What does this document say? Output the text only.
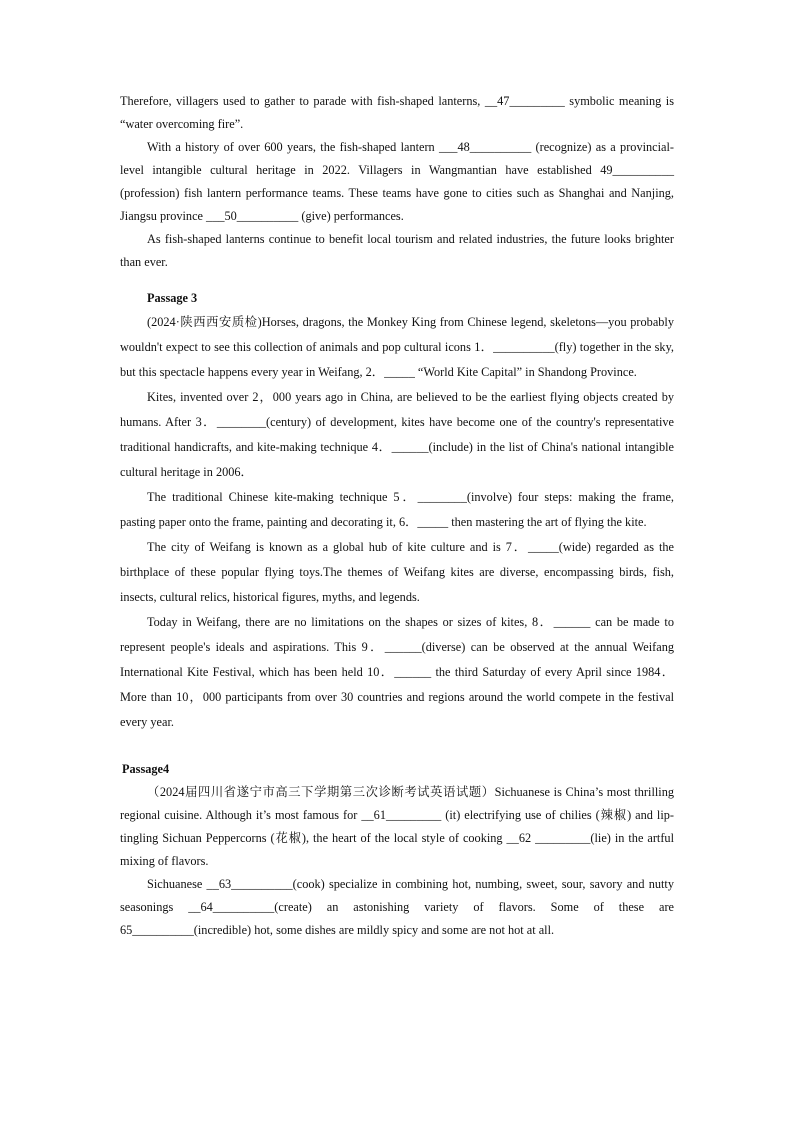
Therefore, villagers used to gather to parade with fish-shaped lanterns, __47_________ symbolic meaning is “water overcoming fire”.

With a history of over 600 years, the fish-shaped lantern ___48__________ (recognize) as a provincial-level intangible cultural heritage in 2022. Villagers in Wangmantian have established 49__________ (profession) fish lantern performance teams. These teams have gone to cities such as Shanghai and Nanjing, Jiangsu province ___50__________ (give) performances.

As fish-shaped lanterns continue to benefit local tourism and related industries, the future looks brighter than ever.

Passage 3

(2024·陕西西安质检)Horses, dragons, the Monkey King from Chinese legend, skeletons—you probably wouldn't expect to see this collection of animals and pop cultural icons 1．__________(fly) together in the sky, but this spectacle happens every year in Weifang, 2．_____ “World Kite Capital” in Shandong Province.

Kites, invented over 2，000 years ago in China, are believed to be the earliest flying objects created by humans. After 3．________(century) of development, kites have become one of the country's representative traditional handicrafts, and kite-making technique 4．______(include) in the list of China's national intangible cultural heritage in 2006．

The traditional Chinese kite-making technique 5．________(involve) four steps: making the frame, pasting paper onto the frame, painting and decorating it, 6．_____ then mastering the art of flying the kite.

The city of Weifang is known as a global hub of kite culture and is 7．_____(wide) regarded as the birthplace of these popular flying toys.The themes of Weifang kites are diverse, encompassing birds, fish, insects, cultural relics, historical figures, myths, and legends.

Today in Weifang, there are no limitations on the shapes or sizes of kites, 8．______ can be made to represent people's ideals and aspirations. This 9．______(diverse) can be observed at the annual Weifang International Kite Festival, which has been held 10．______ the third Saturday of every April since 1984． More than 10，000 participants from over 30 countries and regions around the world compete in the festival every year.

Passage4

（2024届四川省遂宁市高三下学期第三次诊断考试英语试题）Sichuanese is China’s most thrilling regional cuisine. Although it’s most famous for __61_________ (it) electrifying use of chilies (辣椒) and lip-tingling Sichuan Peppercorns (花椒), the heart of the local style of cooking __62 _________(lie) in the artful mixing of flavors.

Sichuanese __63__________(cook) specialize in combining hot, numbing, sweet, sour, savory and nutty seasonings __64__________(create) an astonishing variety of flavors. Some of these are 65__________(incredible) hot, some dishes are mildly spicy and some are not hot at all.
